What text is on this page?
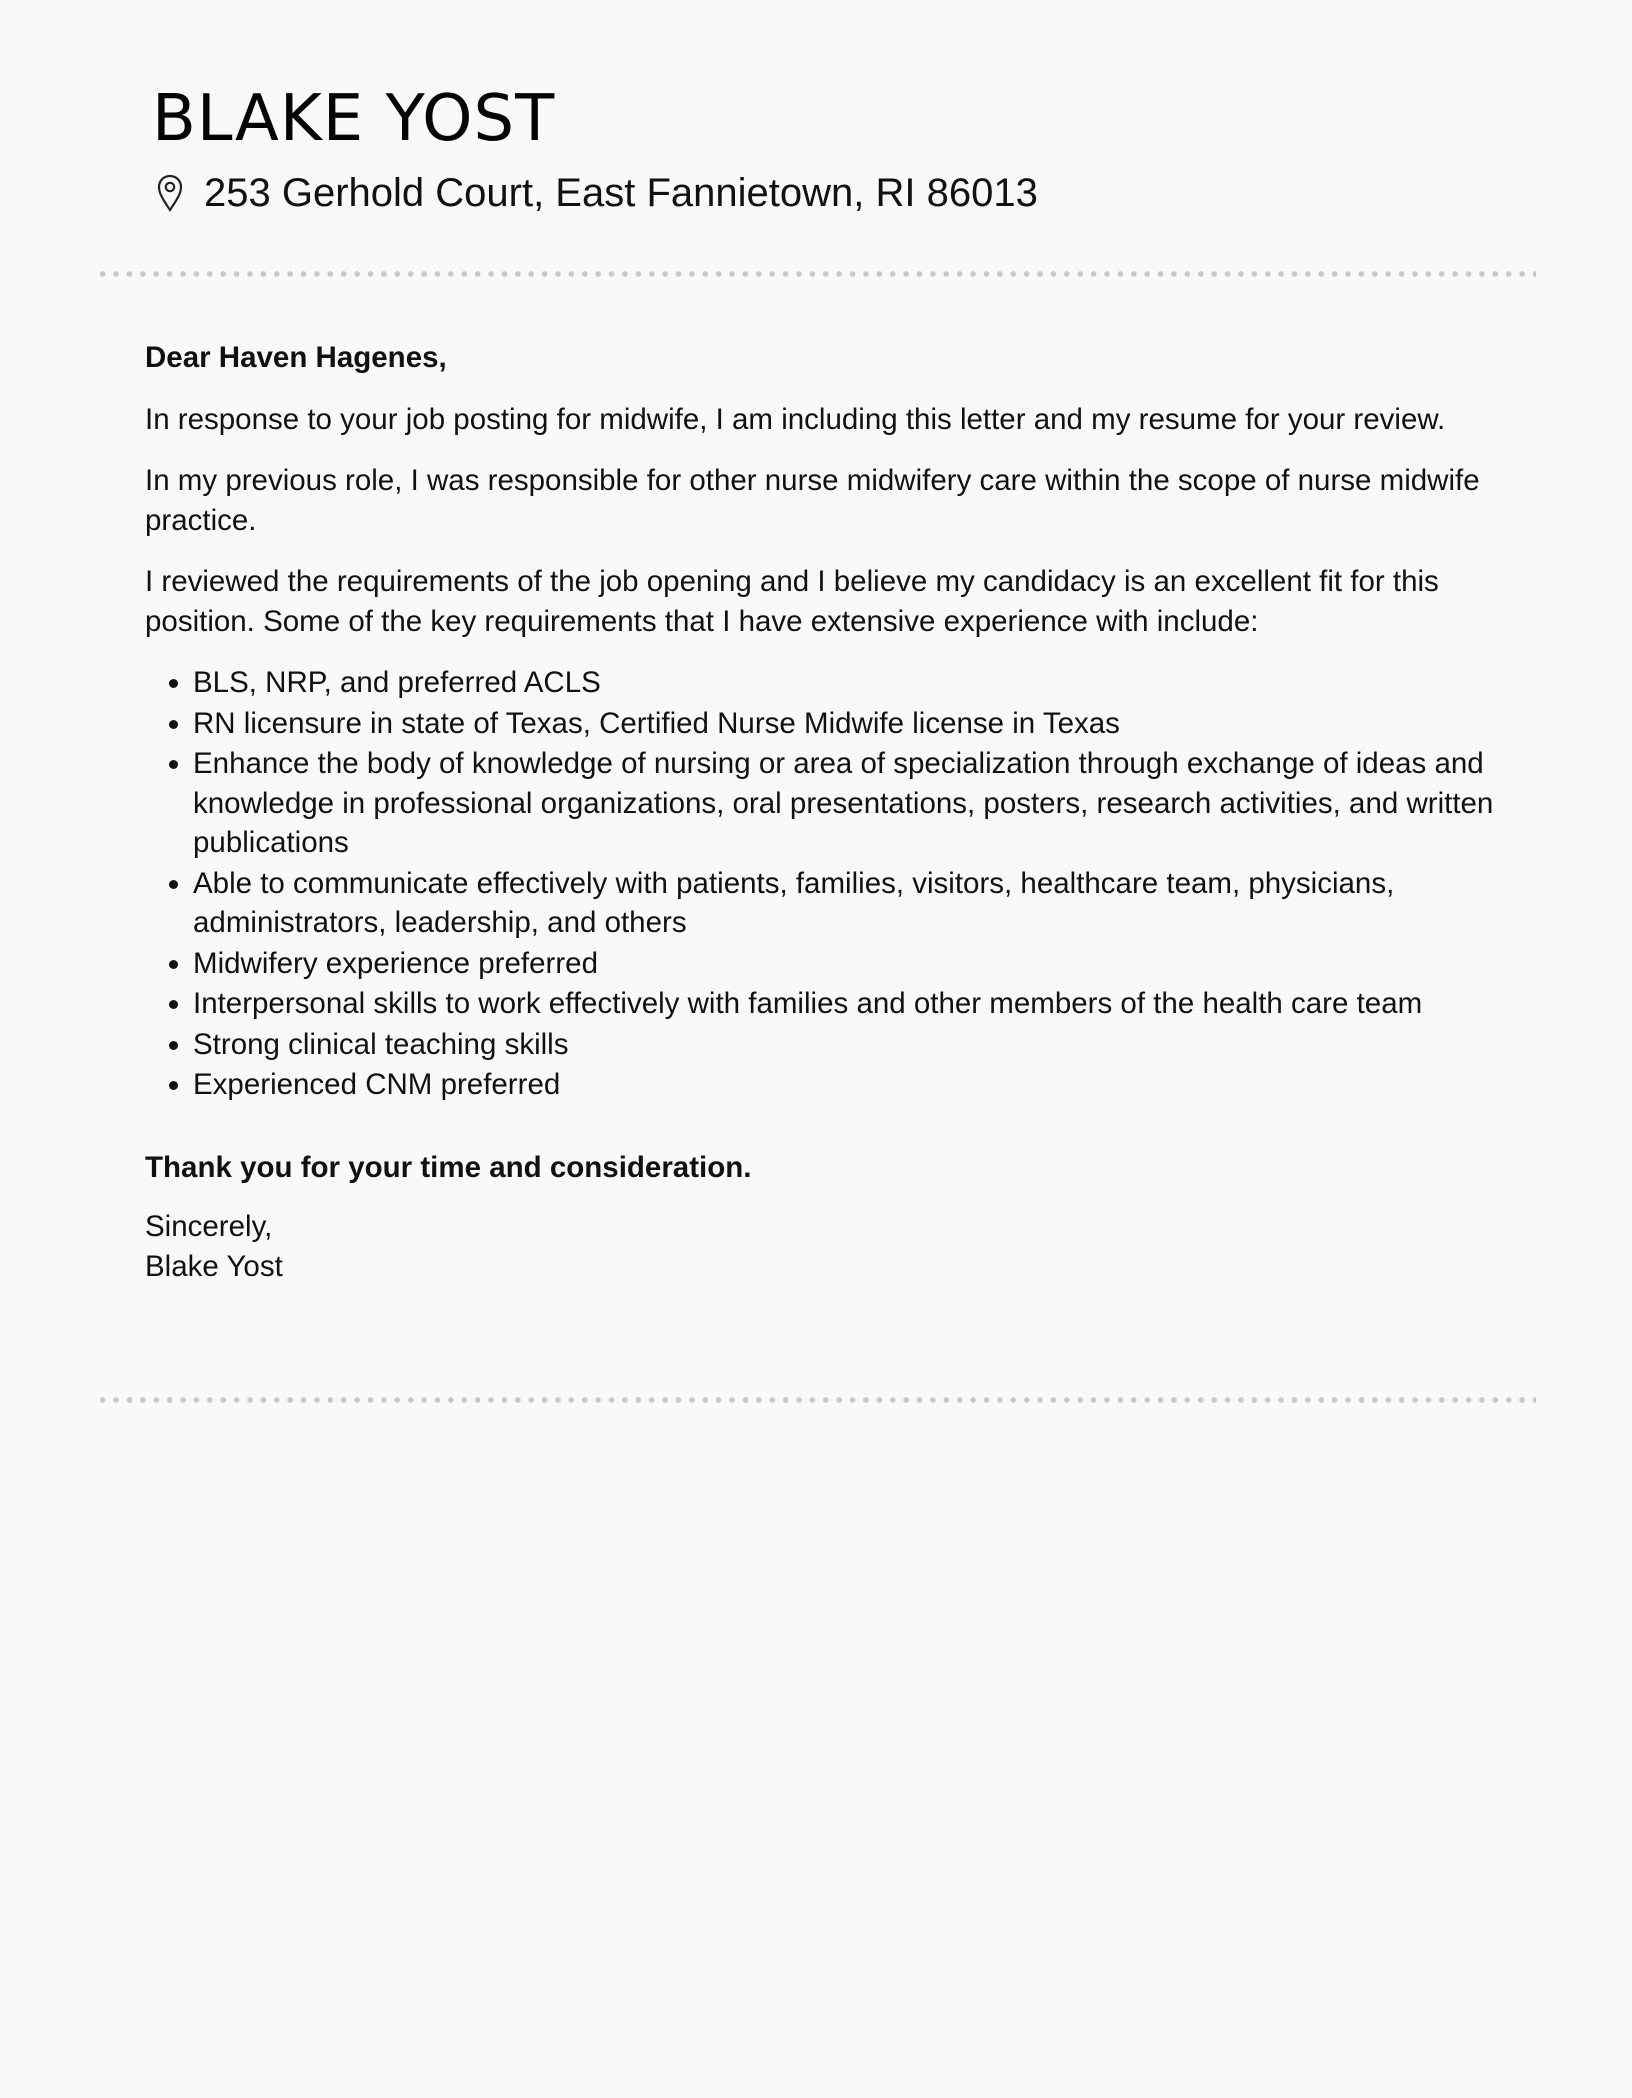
BLAKE YOST
253 Gerhold Court, East Fannietown, RI 86013

Dear Haven Hagenes,

In response to your job posting for midwife, I am including this letter and my resume for your review.

In my previous role, I was responsible for other nurse midwifery care within the scope of nurse midwife practice.

I reviewed the requirements of the job opening and I believe my candidacy is an excellent fit for this position. Some of the key requirements that I have extensive experience with include:

• BLS, NRP, and preferred ACLS
• RN licensure in state of Texas, Certified Nurse Midwife license in Texas
• Enhance the body of knowledge of nursing or area of specialization through exchange of ideas and knowledge in professional organizations, oral presentations, posters, research activities, and written publications
• Able to communicate effectively with patients, families, visitors, healthcare team, physicians, administrators, leadership, and others
• Midwifery experience preferred
• Interpersonal skills to work effectively with families and other members of the health care team
• Strong clinical teaching skills
• Experienced CNM preferred

Thank you for your time and consideration.

Sincerely,
Blake Yost
